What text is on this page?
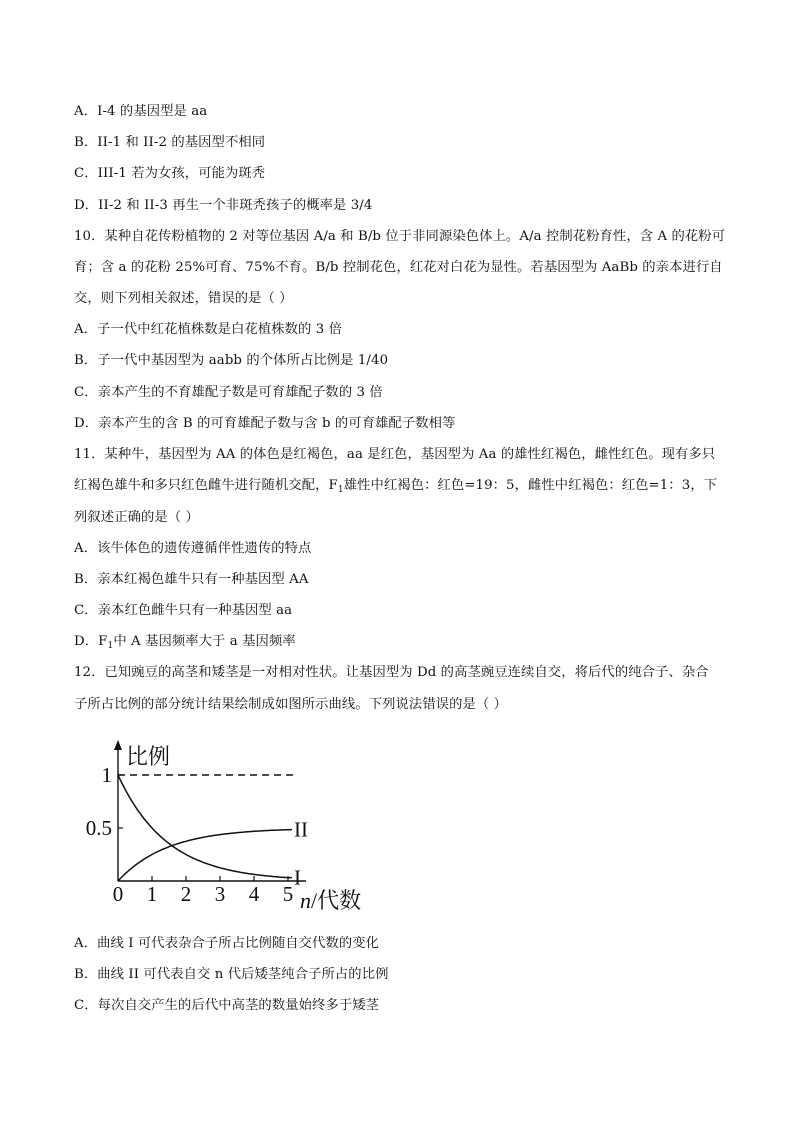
A．I-4 的基因型是 aa
B．II-1 和 II-2 的基因型不相同
C．III-1 若为女孩，可能为斑秃
D．II-2 和 II-3 再生一个非斑秃孩子的概率是 3/4
10．某种自花传粉植物的 2 对等位基因 A/a 和 B/b 位于非同源染色体上。A/a 控制花粉育性，含 A 的花粉可
育；含 a 的花粉 25%可育、75%不育。B/b 控制花色，红花对白花为显性。若基因型为 AaBb 的亲本进行自
交，则下列相关叙述，错误的是（ ）
A．子一代中红花植株数是白花植株数的 3 倍
B．子一代中基因型为 aabb 的个体所占比例是 1/40
C．亲本产生的不育雄配子数是可育雄配子数的 3 倍
D．亲本产生的含 B 的可育雄配子数与含 b 的可育雄配子数相等
11．某种牛，基因型为 AA 的体色是红褐色，aa 是红色，基因型为 Aa 的雄性红褐色，雌性红色。现有多只
红褐色雄牛和多只红色雌牛进行随机交配，$F_1$雄性中红褐色：红色=19：5，雌性中红褐色：红色=1：3，下
列叙述正确的是（ ）
A．该牛体色的遗传遵循伴性遗传的特点
B．亲本红褐色雄牛只有一种基因型 AA
C．亲本红色雌牛只有一种基因型 aa
D．$F_1$中 A 基因频率大于 a 基因频率
12．已知豌豆的高茎和矮茎是一对相对性状。让基因型为 Dd 的高茎豌豆连续自交，将后代的纯合子、杂合
子所占比例的部分统计结果绘制成如图所示曲线。下列说法错误的是（ ）
比例
n/代数
1
0.5
0 1 2 3 4 5
I
II
A．曲线 I 可代表杂合子所占比例随自交代数的变化
B．曲线 II 可代表自交 n 代后矮茎纯合子所占的比例
C．每次自交产生的后代中高茎的数量始终多于矮茎
